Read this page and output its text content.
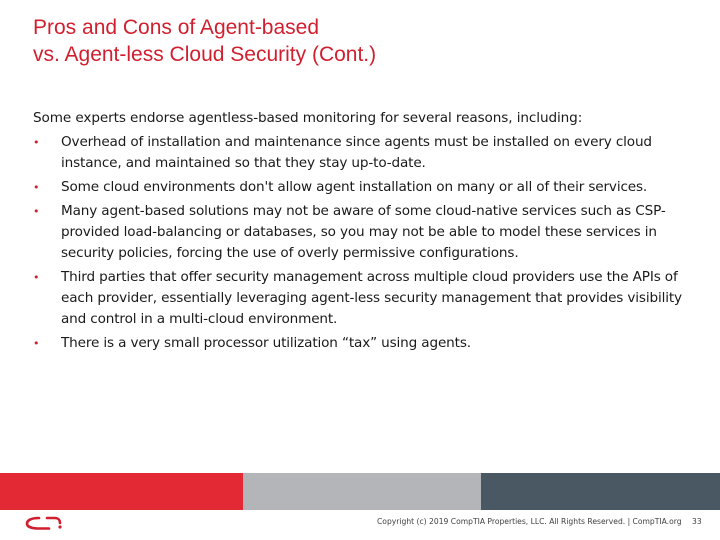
Pros and Cons of Agent-based
vs. Agent-less Cloud Security (Cont.)
Some experts endorse agentless-based monitoring for several reasons, including:
• Overhead of installation and maintenance since agents must be installed on every cloud instance, and maintained so that they stay up-to-date.
• Some cloud environments don't allow agent installation on many or all of their services.
• Many agent-based solutions may not be aware of some cloud-native services such as CSP-provided load-balancing or databases, so you may not be able to model these services in security policies, forcing the use of overly permissive configurations.
• Third parties that offer security management across multiple cloud providers use the APIs of each provider, essentially leveraging agent-less security management that provides visibility and control in a multi-cloud environment.
• There is a very small processor utilization “tax” using agents.
Copyright (c) 2019 CompTIA Properties, LLC. All Rights Reserved. | CompTIA.org 33
